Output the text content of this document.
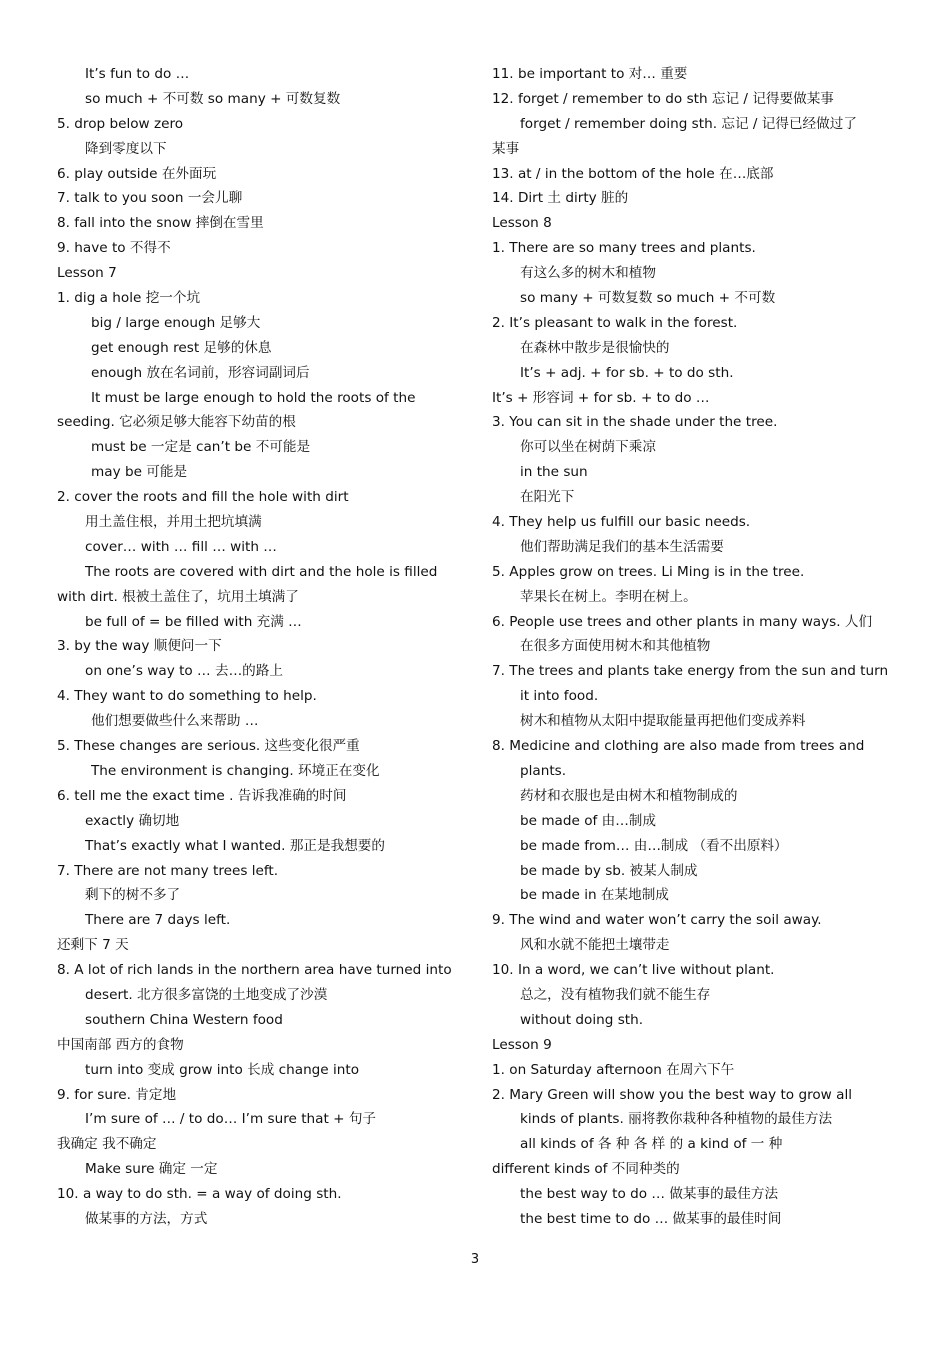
It’s fun to do …
so much + 不可数 so many + 可数复数
5. drop below zero
降到零度以下
6. play outside 在外面玩
7. talk to you soon 一会儿聊
8. fall into the snow 摔倒在雪里
9. have to 不得不
Lesson 7
1. dig a hole 挖一个坑
big / large enough 足够大
get enough rest 足够的休息
enough 放在名词前，形容词副词后
It must be large enough to hold the roots of the
seeding. 它必须足够大能容下幼苗的根
must be 一定是 can’t be 不可能是
may be 可能是
2. cover the roots and fill the hole with dirt
用土盖住根，并用土把坑填满
cover… with … fill … with …
The roots are covered with dirt and the hole is filled
with dirt. 根被土盖住了，坑用土填满了
be full of = be filled with 充满 …
3. by the way 顺便问一下
on one’s way to … 去…的路上
4. They want to do something to help.
他们想要做些什么来帮助 …
5. These changes are serious. 这些变化很严重
The environment is changing. 环境正在变化
6. tell me the exact time . 告诉我准确的时间
exactly 确切地
That’s exactly what I wanted. 那正是我想要的
7. There are not many trees left.
剩下的树不多了
There are 7 days left.
还剩下 7 天
8. A lot of rich lands in the northern area have turned into
desert. 北方很多富饶的土地变成了沙漠
southern China Western food
中国南部 西方的食物
turn into 变成 grow into 长成 change into
9. for sure. 肯定地
I’m sure of … / to do… I’m sure that + 句子
我确定 我不确定
Make sure 确定 一定
10. a way to do sth. = a way of doing sth.
做某事的方法，方式
11. be important to 对… 重要
12. forget / remember to do sth 忘记 / 记得要做某事
forget / remember doing sth. 忘记 / 记得已经做过了
某事
13. at / in the bottom of the hole 在…底部
14. Dirt 土 dirty 脏的
Lesson 8
1. There are so many trees and plants.
有这么多的树木和植物
so many + 可数复数 so much + 不可数
2. It’s pleasant to walk in the forest.
在森林中散步是很愉快的
It’s + adj. + for sb. + to do sth.
It’s + 形容词 + for sb. + to do …
3. You can sit in the shade under the tree.
你可以坐在树荫下乘凉
in the sun
在阳光下
4. They help us fulfill our basic needs.
他们帮助满足我们的基本生活需要
5. Apples grow on trees. Li Ming is in the tree.
苹果长在树上。李明在树上。
6. People use trees and other plants in many ways. 人们
在很多方面使用树木和其他植物
7. The trees and plants take energy from the sun and turn
it into food.
树木和植物从太阳中提取能量再把他们变成养料
8. Medicine and clothing are also made from trees and
plants.
药材和衣服也是由树木和植物制成的
be made of 由…制成
be made from… 由…制成 （看不出原料）
be made by sb. 被某人制成
be made in 在某地制成
9. The wind and water won’t carry the soil away.
风和水就不能把土壤带走
10. In a word, we can’t live without plant.
总之，没有植物我们就不能生存
without doing sth.
Lesson 9
1. on Saturday afternoon 在周六下午
2. Mary Green will show you the best way to grow all
kinds of plants. 丽将教你栽种各种植物的最佳方法
all kinds of 各 种 各 样 的 a kind of 一 种
different kinds of 不同种类的
the best way to do … 做某事的最佳方法
the best time to do … 做某事的最佳时间
3
